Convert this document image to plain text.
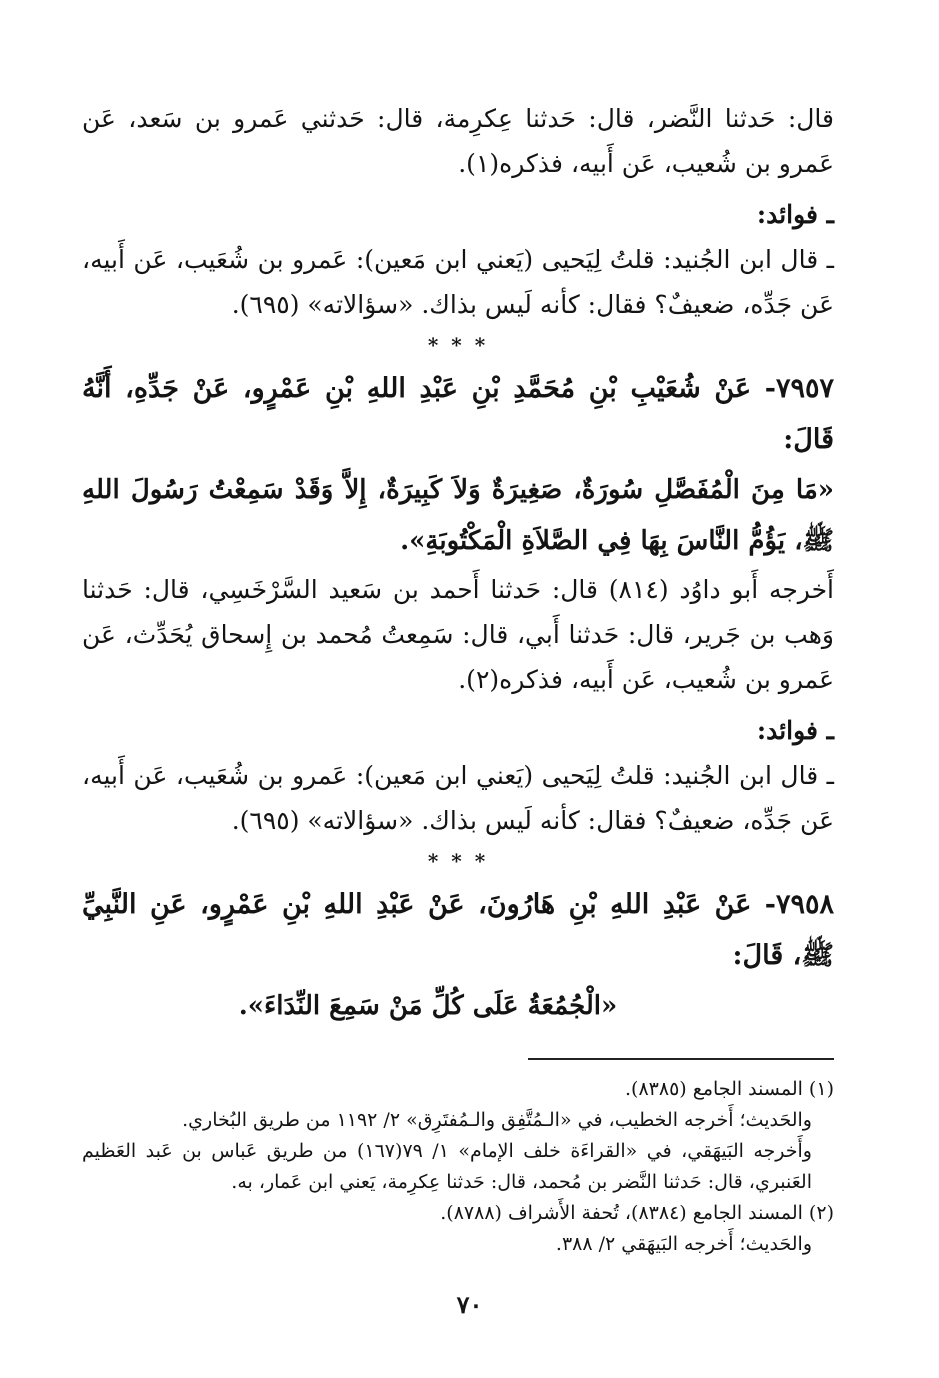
قال: حَدثنا النَّضر، قال: حَدثنا عِكرِمة، قال: حَدثني عَمرو بن سَعد، عَن عَمرو بن شُعيب، عَن أَبيه، فذكره(١).

ـ فوائد:

ـ قال ابن الجُنيد: قلتُ لِيَحيى (يَعني ابن مَعين): عَمرو بن شُعَيب، عَن أَبيه، عَن جَدِّه، ضعيفٌ؟ فقال: كأنه لَيس بذاك. «سؤالاته» (٦٩٥).

* * *

٧٩٥٧- عَنْ شُعَيْبِ بْنِ مُحَمَّدِ بْنِ عَبْدِ اللهِ بْنِ عَمْرٍو، عَنْ جَدِّهِ، أَنَّهُ قَالَ:

«مَا مِنَ الْمُفَصَّلِ سُورَةٌ، صَغِيرَةٌ وَلاَ كَبِيرَةٌ، إِلاَّ وَقَدْ سَمِعْتُ رَسُولَ اللهِ ﷺ، يَؤُمُّ النَّاسَ بِهَا فِي الصَّلاَةِ الْمَكْتُوبَةِ».

أَخرجه أَبو داوُد (٨١٤) قال: حَدثنا أَحمد بن سَعيد السَّرْخَسِي، قال: حَدثنا وَهب بن جَرير، قال: حَدثنا أَبي، قال: سَمِعتُ مُحمد بن إِسحاق يُحَدِّث، عَن عَمرو بن شُعيب، عَن أَبيه، فذكره(٢).

ـ فوائد:

ـ قال ابن الجُنيد: قلتُ لِيَحيى (يَعني ابن مَعين): عَمرو بن شُعَيب، عَن أَبيه، عَن جَدِّه، ضعيفٌ؟ فقال: كأنه لَيس بذاك. «سؤالاته» (٦٩٥).

* * *

٧٩٥٨- عَنْ عَبْدِ اللهِ بْنِ هَارُونَ، عَنْ عَبْدِ اللهِ بْنِ عَمْرٍو، عَنِ النَّبِيِّ ﷺ، قَالَ:

«الْجُمُعَةُ عَلَى كُلِّ مَنْ سَمِعَ النِّدَاءَ».

(١) المسند الجامع (٨٣٨٥).

والحَديث؛ أَخرجه الخطيب، في «الـمُتَّفِق والـمُفتَرِق» ٢/ ١١٩٢ من طريق البُخاري.

وأَخرجه البَيهَقي، في «القراءَة خلف الإمام» ١/ ٧٩(١٦٧) من طريق عَباس بن عَبد العَظيم العَنبري، قال: حَدثنا النَّضر بن مُحمد، قال: حَدثنا عِكرِمة، يَعني ابن عَمار، به.

(٢) المسند الجامع (٨٣٨٤)، تُحفة الأَشراف (٨٧٨٨).

والحَديث؛ أَخرجه البَيهَقي ٢/ ٣٨٨.

٧٠
